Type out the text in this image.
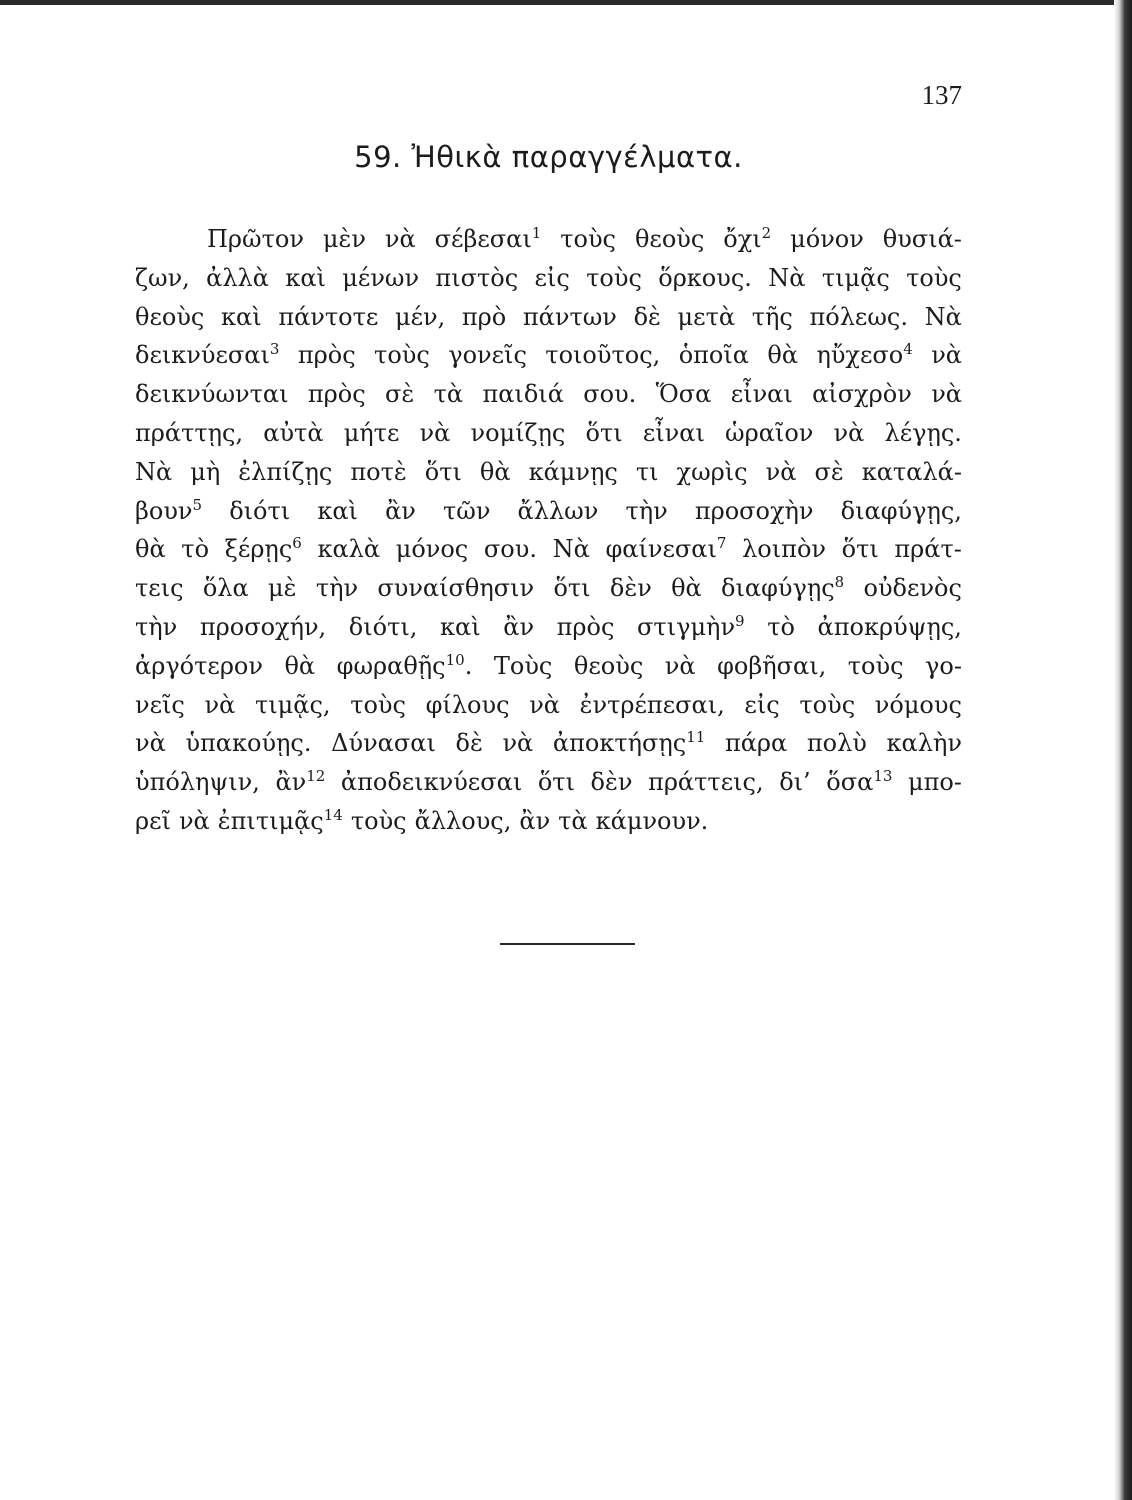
137
59. Ἠθικὰ παραγγέλματα.
Πρῶτον μὲν νὰ σέβεσαι$^1$ τοὺς θεοὺς ὄχι$^2$ μόνον θυσιά-
ζων, ἀλλὰ καὶ μένων πιστὸς εἰς τοὺς ὅρκους. Νὰ τιμᾷς τοὺς
θεοὺς καὶ πάντοτε μέν, πρὸ πάντων δὲ μετὰ τῆς πόλεως. Νὰ
δεικνύεσαι$^3$ πρὸς τοὺς γονεῖς τοιοῦτος, ὁποῖα θὰ ηὔχεσο$^4$ νὰ
δεικνύωνται πρὸς σὲ τὰ παιδιά σου. Ὅσα εἶναι αἰσχρὸν νὰ
πράττῃς, αὐτὰ μήτε νὰ νομίζῃς ὅτι εἶναι ὡραῖον νὰ λέγῃς.
Νὰ μὴ ἐλπίζῃς ποτὲ ὅτι θὰ κάμνῃς τι χωρὶς νὰ σὲ καταλά-
βουν$^5$ διότι καὶ ἂν τῶν ἄλλων τὴν προσοχὴν διαφύγῃς,
θὰ τὸ ξέρῃς$^6$ καλὰ μόνος σου. Νὰ φαίνεσαι$^7$ λοιπὸν ὅτι πράτ-
τεις ὅλα μὲ τὴν συναίσθησιν ὅτι δὲν θὰ διαφύγῃς$^8$ οὐδενὸς
τὴν προσοχήν, διότι, καὶ ἂν πρὸς στιγμὴν$^9$ τὸ ἀποκρύψῃς,
ἀργότερον θὰ φωραθῇς$^{10}$. Τοὺς θεοὺς νὰ φοβῆσαι, τοὺς γο-
νεῖς νὰ τιμᾷς, τοὺς φίλους νὰ ἐντρέπεσαι, εἰς τοὺς νόμους
νὰ ὑπακούῃς. Δύνασαι δὲ νὰ ἀποκτήσῃς$^{11}$ πάρα πολὺ καλὴν
ὑπόληψιν, ἂν$^{12}$ ἀποδεικνύεσαι ὅτι δὲν πράττεις, δι’ ὅσα$^{13}$ μπο-
ρεῖ νὰ ἐπιτιμᾷς$^{14}$ τοὺς ἄλλους, ἂν τὰ κάμνουν.
